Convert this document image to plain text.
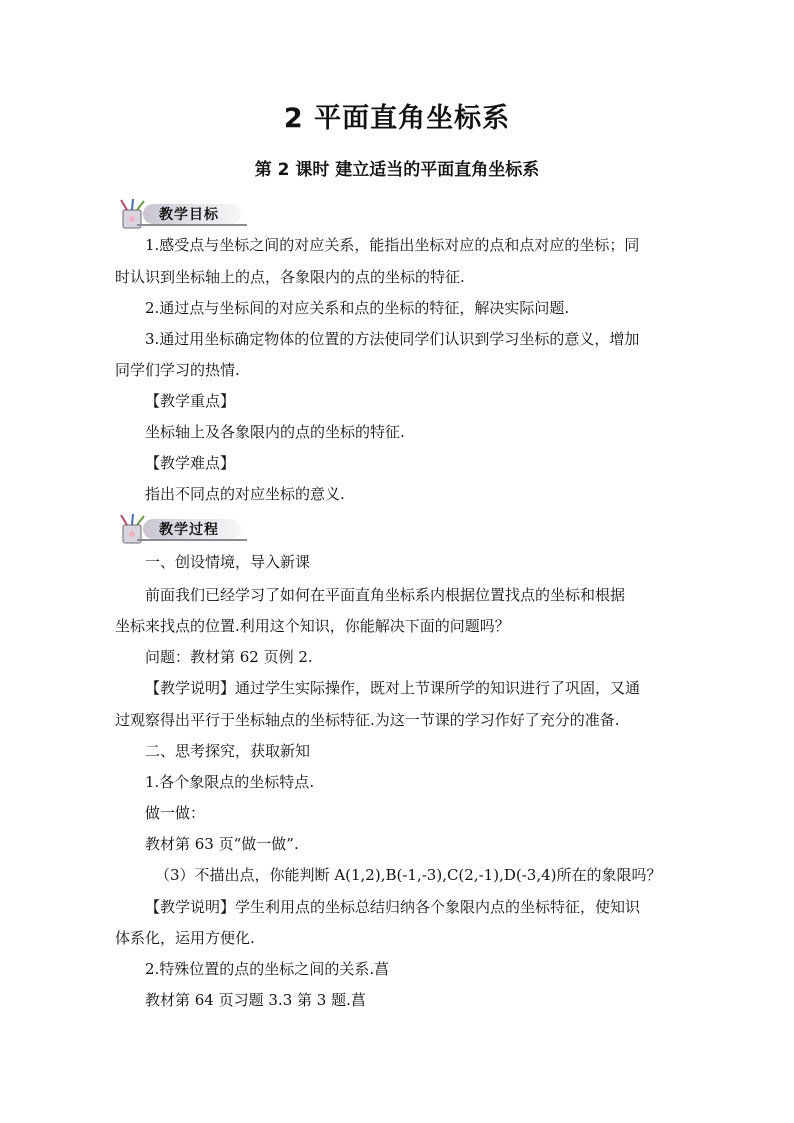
2 平面直角坐标系
第 2 课时 建立适当的平面直角坐标系
教学目标
1.感受点与坐标之间的对应关系，能指出坐标对应的点和点对应的坐标；同
时认识到坐标轴上的点，各象限内的点的坐标的特征.
2.通过点与坐标间的对应关系和点的坐标的特征，解决实际问题.
3.通过用坐标确定物体的位置的方法使同学们认识到学习坐标的意义，增加
同学们学习的热情.
【教学重点】
坐标轴上及各象限内的点的坐标的特征.
【教学难点】
指出不同点的对应坐标的意义.
教学过程
一、创设情境，导入新课
前面我们已经学习了如何在平面直角坐标系内根据位置找点的坐标和根据
坐标来找点的位置.利用这个知识，你能解决下面的问题吗？
问题：教材第 62 页例 2.
【教学说明】通过学生实际操作，既对上节课所学的知识进行了巩固，又通
过观察得出平行于坐标轴点的坐标特征.为这一节课的学习作好了充分的准备.
二、思考探究，获取新知
1.各个象限点的坐标特点.
做一做：
教材第 63 页“做一做”.
（3）不描出点，你能判断 A(1,2),B(-1,-3),C(2,-1),D(-3,4)所在的象限吗？
【教学说明】学生利用点的坐标总结归纳各个象限内点的坐标特征，使知识
体系化，运用方便化.
2.特殊位置的点的坐标之间的关系.菖
教材第 64 页习题 3.3 第 3 题.菖
